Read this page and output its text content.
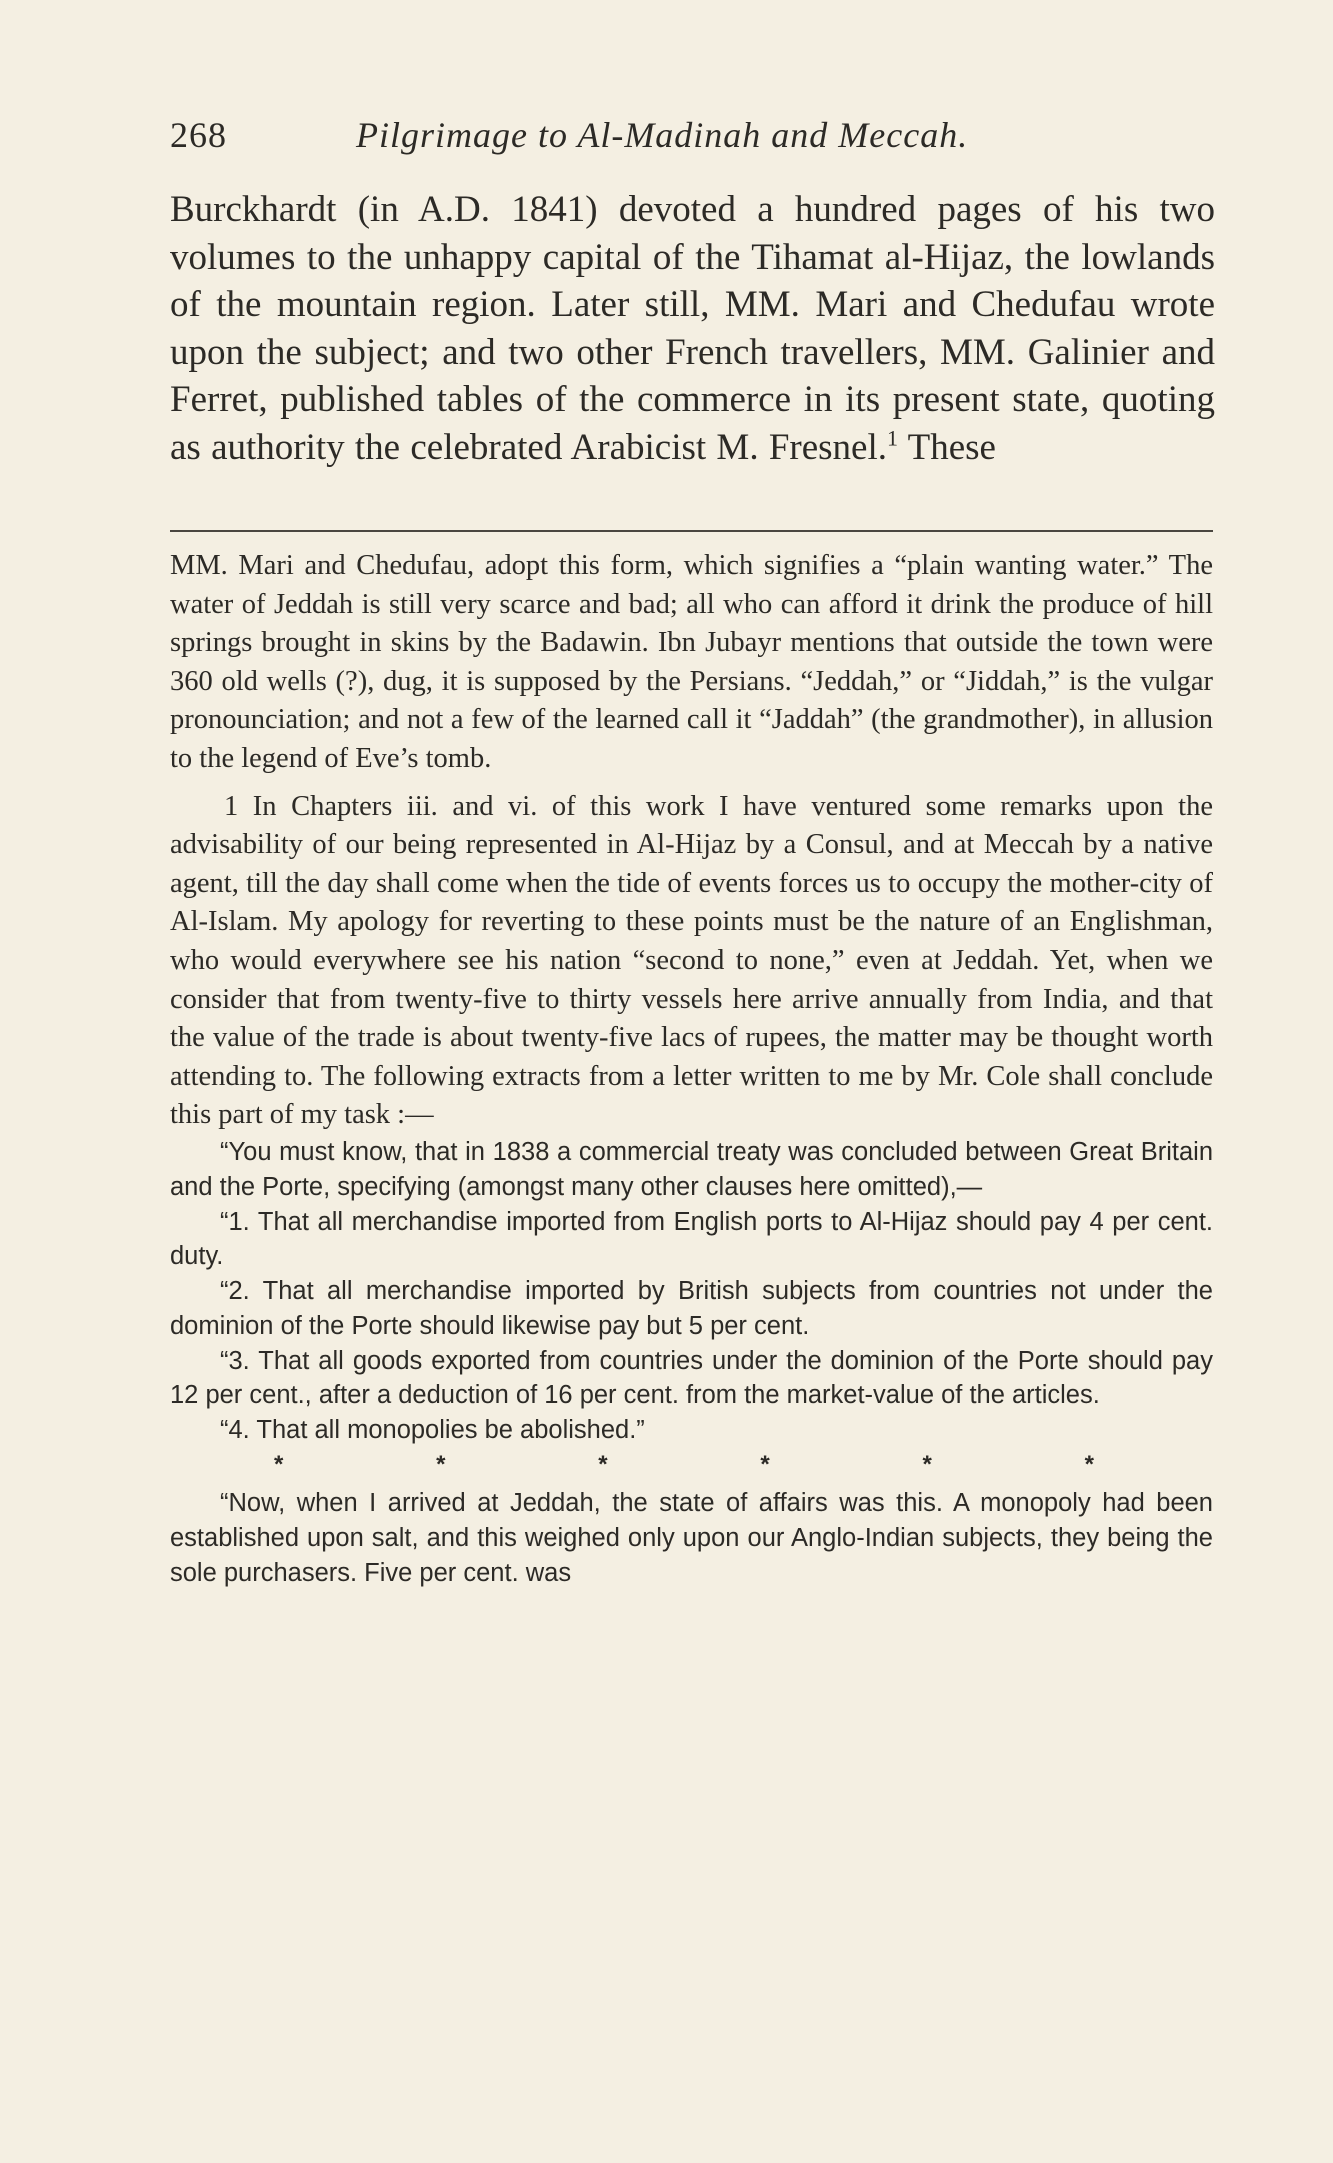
268	Pilgrimage to Al-Madinah and Meccah.
Burckhardt (in A.D. 1841) devoted a hundred pages of his two volumes to the unhappy capital of the Tihamat al-Hijaz, the lowlands of the mountain region. Later still, MM. Mari and Chedufau wrote upon the subject; and two other French travellers, MM. Galinier and Ferret, published tables of the commerce in its present state, quoting as authority the celebrated Arabicist M. Fresnel.$^1$ These

MM. Mari and Chedufau, adopt this form, which signifies a “plain wanting water.” The water of Jeddah is still very scarce and bad; all who can afford it drink the produce of hill springs brought in skins by the Badawin. Ibn Jubayr mentions that outside the town were 360 old wells (?), dug, it is supposed by the Persians. “Jeddah,” or “Jiddah,” is the vulgar pronounciation; and not a few of the learned call it “Jaddah” (the grandmother), in allusion to the legend of Eve’s tomb.

1 In Chapters iii. and vi. of this work I have ventured some remarks upon the advisability of our being represented in Al-Hijaz by a Consul, and at Meccah by a native agent, till the day shall come when the tide of events forces us to occupy the mother-city of Al-Islam. My apology for reverting to these points must be the nature of an Englishman, who would everywhere see his nation “second to none,” even at Jeddah. Yet, when we consider that from twenty-five to thirty vessels here arrive annually from India, and that the value of the trade is about twenty-five lacs of rupees, the matter may be thought worth attending to. The following extracts from a letter written to me by Mr. Cole shall conclude this part of my task :—

“You must know, that in 1838 a commercial treaty was concluded between Great Britain and the Porte, specifying (amongst many other clauses here omitted),—

“1. That all merchandise imported from English ports to Al-Hijaz should pay 4 per cent. duty.

“2. That all merchandise imported by British subjects from countries not under the dominion of the Porte should likewise pay but 5 per cent.

“3. That all goods exported from countries under the dominion of the Porte should pay 12 per cent., after a deduction of 16 per cent. from the market-value of the articles.

“4. That all monopolies be abolished.”

*	*	*	*	*	*

“Now, when I arrived at Jeddah, the state of affairs was this. A monopoly had been established upon salt, and this weighed only upon our Anglo-Indian subjects, they being the sole purchasers. Five per cent. was
